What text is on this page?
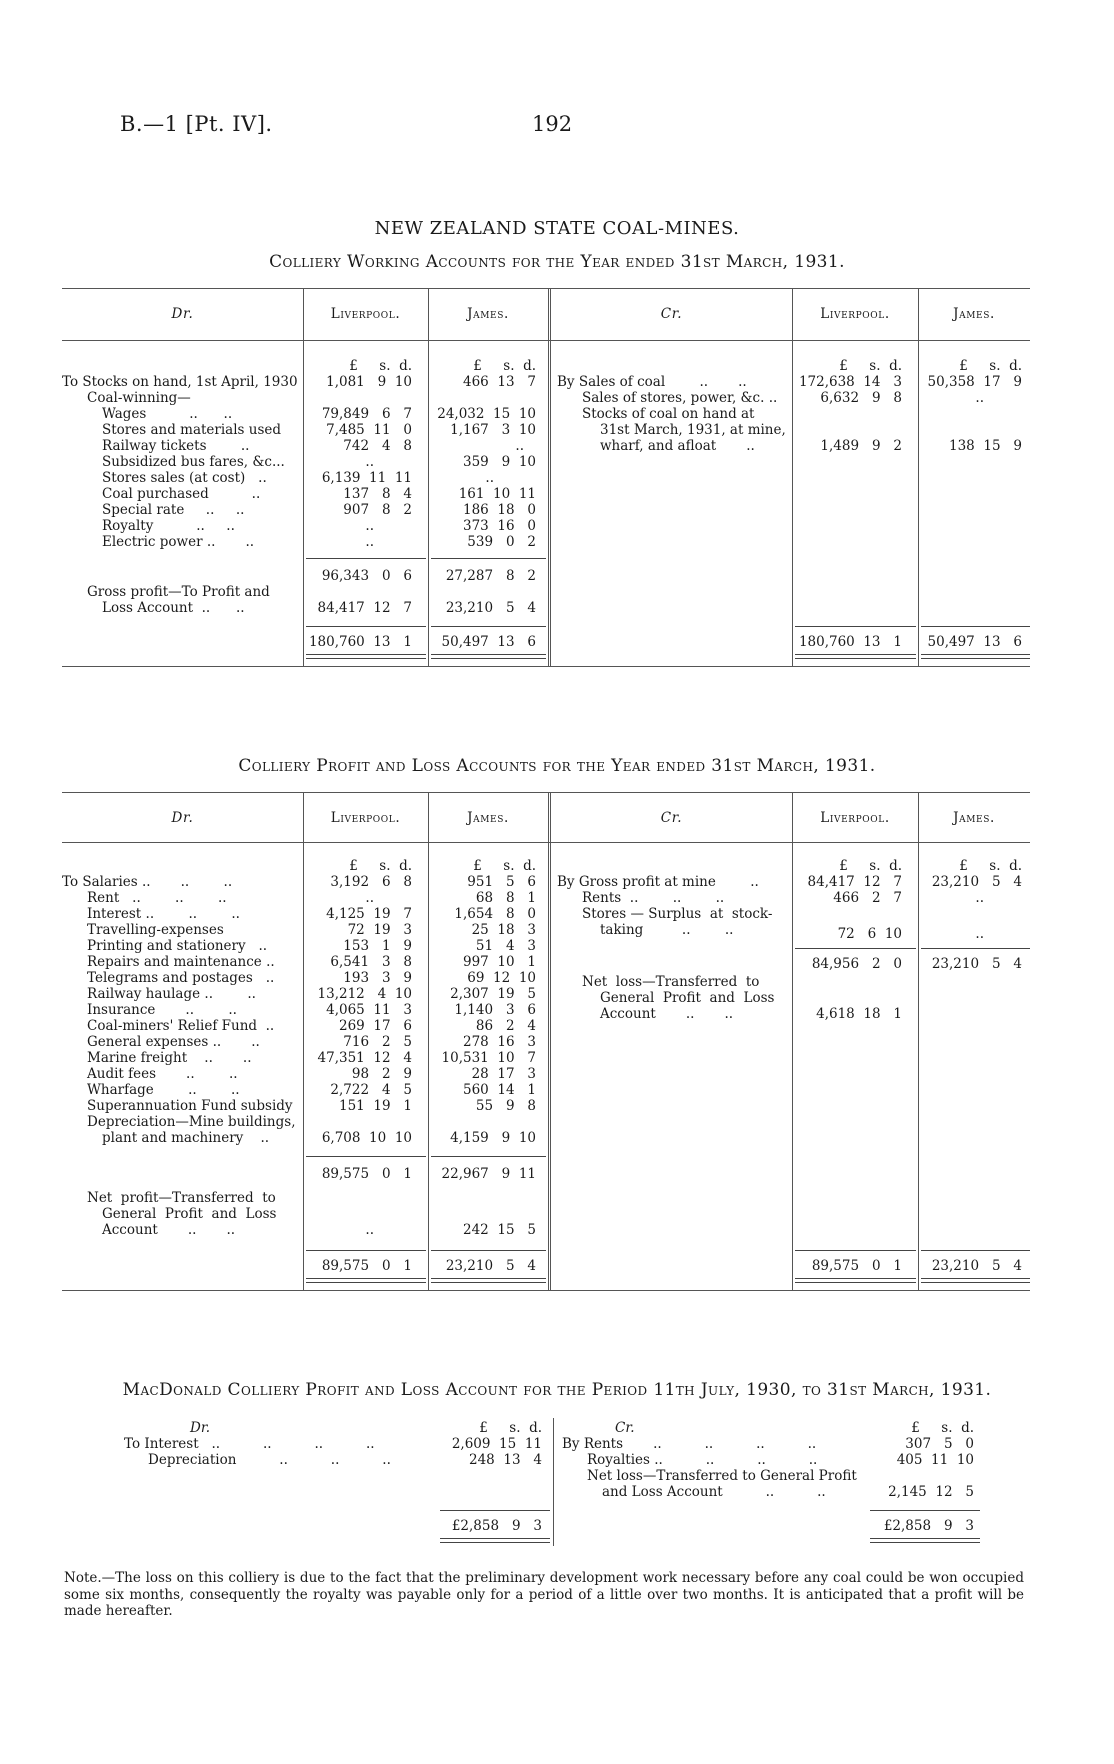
B.—1 [Pt. IV].	192
NEW ZEALAND STATE COAL-MINES.
Colliery Working Accounts for the Year ended 31st March, 1931.
Dr.	Liverpool.	James.	Cr.	Liverpool.	James.
£     s.  d.	£     s.  d.	£     s.  d.	£     s.  d.
To Stocks on hand, 1st April, 1930 1,081   9  10	466  13   7
Coal-winning—
Wages          ..      ..	79,849   6   7 24,032  15  10
Stores and materials used	7,485  11   0	1,167   3  10
Railway tickets        ..	742   4   8	..
Subsidized bus fares, &c...	..	359   9  10
Stores sales (at cost)   ..	6,139  11  11	..
Coal purchased          ..	137   8   4	161  10  11
Special rate     ..     ..	907   8   2	186  18   0
Royalty          ..     ..	..	373  16   0
Electric power ..       ..	..	539   0   2
96,343   0   6	27,287   8   2
Gross profit—To Profit and
Loss Account  ..      ..	84,417  12   7	23,210   5   4
180,760  13   1 50,497  13   6
By Sales of coal        ..       ..	172,638  14   3 50,358  17   9
Sales of stores, power, &c. ..	6,632   9   8	..
Stocks of coal on hand at
31st March, 1931, at mine,
wharf, and afloat       ..	1,489   9   2	138  15   9
180,760  13   1 50,497  13   6
Colliery Profit and Loss Accounts for the Year ended 31st March, 1931.
Dr.	Liverpool.	James.	Cr.	Liverpool.	James.
£     s.  d.	£     s.  d.	£     s.  d.	£     s.  d.
To Salaries ..       ..        ..	3,192   6   8	951   5   6
Rent   ..        ..        ..	..	68   8   1
Interest ..        ..        ..	4,125  19   7	1,654   8   0
Travelling-expenses	72  19   3	25  18   3
Printing and stationery   ..	153   1   9	51   4   3
Repairs and maintenance ..	6,541   3   8	997  10   1
Telegrams and postages   ..	193   3   9	69  12  10
Railway haulage ..        ..	13,212   4  10	2,307  19   5
Insurance       ..        ..	4,065  11   3	1,140   3   6
Coal-miners' Relief Fund  ..	269  17   6	86   2   4
General expenses ..       ..	716   2   5	278  16   3
Marine freight    ..       ..	47,351  12   4 10,531  10   7
Audit fees       ..        ..	98   2   9	28  17   3
Wharfage        ..        ..	2,722   4   5	560  14   1
Superannuation Fund subsidy	151  19   1	55   9   8
Depreciation—Mine buildings,
plant and machinery    ..	6,708  10  10	4,159   9  10
89,575   0   1 22,967   9  11
Net  profit—Transferred  to
General  Profit  and  Loss
Account       ..       ..	..	242  15   5
89,575   0   1	23,210   5   4
By Gross profit at mine        ..	84,417  12   7 23,210   5   4
Rents  ..        ..        ..	466   2   7	..
Stores — Surplus  at  stock-
taking         ..        ..	72   6  10	..
84,956   2   0 23,210   5   4
Net  loss—Transferred  to
General  Profit  and  Loss
Account       ..       ..	4,618  18   1
89,575   0   1 23,210   5   4
MacDonald Colliery Profit and Loss Account for the Period 11th July, 1930, to 31st March, 1931.
Dr.	£     s.  d.	Cr.	£     s.  d.
To Interest   ..          ..          ..          ..	2,609  15  11
Depreciation          ..          ..          ..	248  13   4
By Rents       ..          ..          ..          ..	307   5   0
Royalties ..          ..          ..          ..	405  11  10
Net loss—Transferred to General Profit
and Loss Account          ..          ..	2,145  12   5
£2,858   9   3	£2,858   9   3
Note.—The loss on this colliery is due to the fact that the preliminary development work necessary before any coal could be won occupied some six months, consequently the royalty was payable only for a period of a little over two months. It is anticipated that a profit will be made hereafter.
